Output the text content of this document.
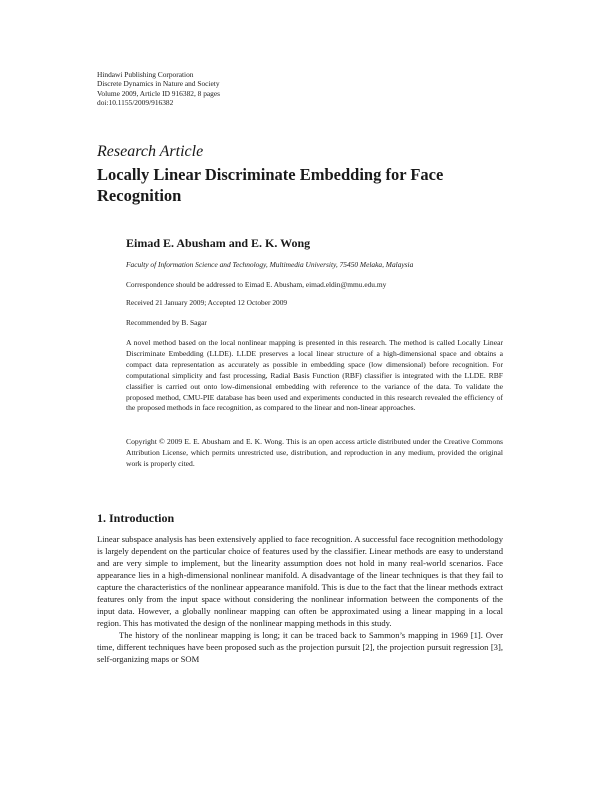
Hindawi Publishing Corporation
Discrete Dynamics in Nature and Society
Volume 2009, Article ID 916382, 8 pages
doi:10.1155/2009/916382
Research Article
Locally Linear Discriminate Embedding for Face Recognition
Eimad E. Abusham and E. K. Wong
Faculty of Information Science and Technology, Multimedia University, 75450 Melaka, Malaysia
Correspondence should be addressed to Eimad E. Abusham, eimad.eldin@mmu.edu.my
Received 21 January 2009; Accepted 12 October 2009
Recommended by B. Sagar
A novel method based on the local nonlinear mapping is presented in this research. The method is called Locally Linear Discriminate Embedding (LLDE). LLDE preserves a local linear structure of a high-dimensional space and obtains a compact data representation as accurately as possible in embedding space (low dimensional) before recognition. For computational simplicity and fast processing, Radial Basis Function (RBF) classifier is integrated with the LLDE. RBF classifier is carried out onto low-dimensional embedding with reference to the variance of the data. To validate the proposed method, CMU-PIE database has been used and experiments conducted in this research revealed the efficiency of the proposed methods in face recognition, as compared to the linear and non-linear approaches.
Copyright © 2009 E. E. Abusham and E. K. Wong. This is an open access article distributed under the Creative Commons Attribution License, which permits unrestricted use, distribution, and reproduction in any medium, provided the original work is properly cited.
1. Introduction

Linear subspace analysis has been extensively applied to face recognition. A successful face recognition methodology is largely dependent on the particular choice of features used by the classifier. Linear methods are easy to understand and are very simple to implement, but the linearity assumption does not hold in many real-world scenarios. Face appearance lies in a high-dimensional nonlinear manifold. A disadvantage of the linear techniques is that they fail to capture the characteristics of the nonlinear appearance manifold. This is due to the fact that the linear methods extract features only from the input space without considering the nonlinear information between the components of the input data. However, a globally nonlinear mapping can often be approximated using a linear mapping in a local region. This has motivated the design of the nonlinear mapping methods in this study.

The history of the nonlinear mapping is long; it can be traced back to Sammon’s mapping in 1969 [1]. Over time, different techniques have been proposed such as the projection pursuit [2], the projection pursuit regression [3], self-organizing maps or SOM
